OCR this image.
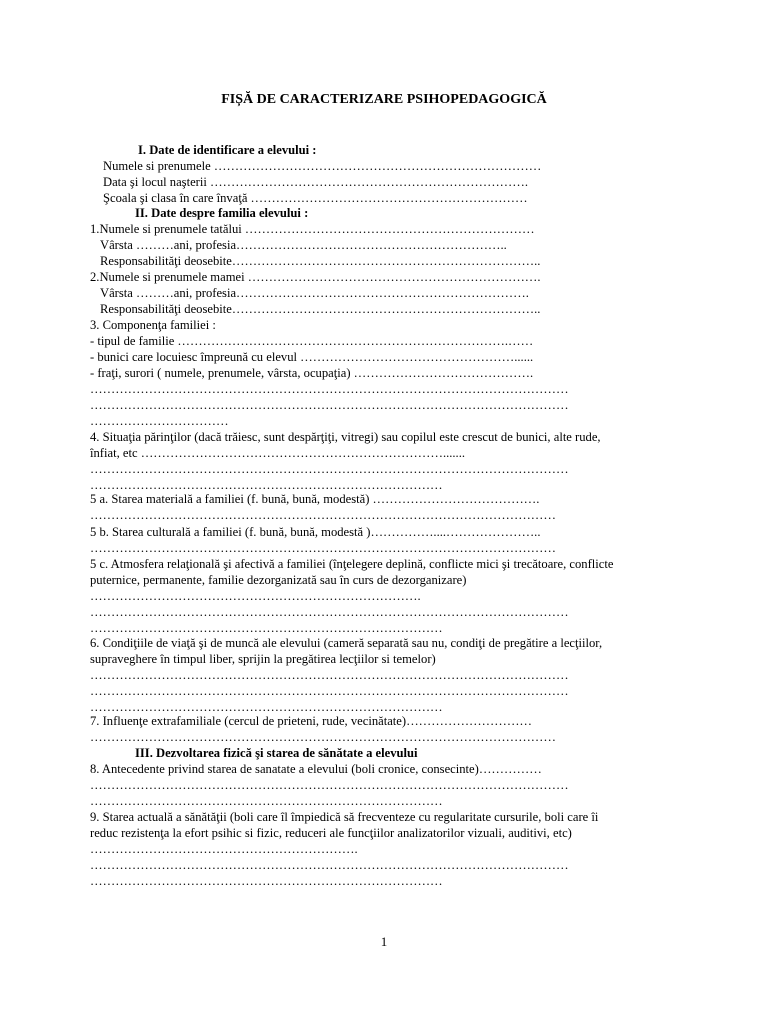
FIȘĂ DE CARACTERIZARE PSIHOPEDAGOGICĂ
I. Date de identificare a elevului :
Numele si prenumele ……………………………………………………………………
Data şi locul naşterii ………………………………………………………………….
Şcoala şi clasa în care învaţă …………………………………………………………
II. Date despre familia elevului :
1.Numele si prenumele tatălui ……………………………………………………………
Vârsta ………ani, profesia………………………………………………………..
Responsabilităţi deosebite………………………………………………………………..
2.Numele si prenumele mamei …………………………………………………………….
Vârsta ………ani, profesia…………………………………………………………….
Responsabilităţi deosebite………………………………………………………………..
3. Componenţa familiei :
- tipul de familie …………………………………………………………………….……
- bunici care locuiesc împreună cu elevul ……………………………………………......
- fraţi, surori ( numele, prenumele, vârsta, ocupaţia) …………………………………….
……………………………………………………………………………………………………
……………………………………………………………………………………………………
……………………………
4. Situaţia părinţilor (dacă trăiesc, sunt despărţiţi, vitregi) sau copilul este crescut de bunici, alte rude,
înfiat, etc ……………………………………………………………….......
……………………………………………………………………………………………………
…………………………………………………………………………
5 a. Starea materială a familiei (f. bună, bună, modestă) ………………………………….
…………………………………………………………………………………………………
5 b. Starea culturală a familiei (f. bună, bună, modestă )……………....…………………..
…………………………………………………………………………………………………
5 c. Atmosfera relaţională şi afectivă a familiei (înţelegere deplină, conflicte mici şi trecătoare, conflicte
puternice, permanente, familie dezorganizată sau în curs de dezorganizare)
…………………………………………………………………….
……………………………………………………………………………………………………
…………………………………………………………………………
6. Condiţiile de viaţă şi de muncă ale elevului (cameră separată sau nu, condiţi de pregătire a lecţiilor,
supraveghere în timpul liber, sprijin la pregătirea lecţiilor si temelor)
……………………………………………………………………………………………………
……………………………………………………………………………………………………
…………………………………………………………………………
7. Influenţe extrafamiliale (cercul de prieteni, rude, vecinătate)…………………………
…………………………………………………………………………………………………
III. Dezvoltarea fizică şi starea de sănătate a elevului
8. Antecedente privind starea de sanatate a elevului (boli cronice, consecinte)……………
……………………………………………………………………………………………………
…………………………………………………………………………
9. Starea actuală a sănătăţii (boli care îl împiedică să frecventeze cu regularitate cursurile, boli care îi
reduc rezistenţa la efort psihic si fizic, reduceri ale funcţiilor analizatorilor vizuali, auditivi, etc)
……………………………………………………….
……………………………………………………………………………………………………
…………………………………………………………………………
1
